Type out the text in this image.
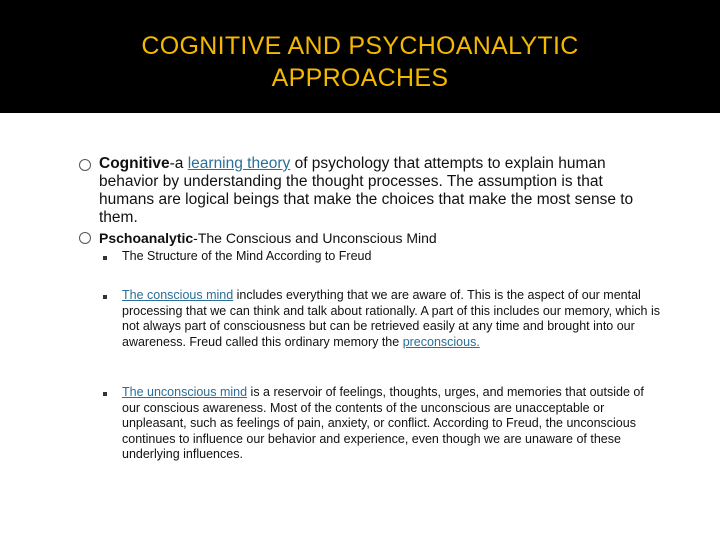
COGNITIVE AND PSYCHOANALYTIC
APPROACHES
Cognitive-a learning theory of psychology that attempts to explain human behavior by understanding the thought processes. The assumption is that humans are logical beings that make the choices that make the most sense to them.
Pschoanalytic-The Conscious and Unconscious Mind
The Structure of the Mind According to Freud
The conscious mind includes everything that we are aware of. This is the aspect of our mental processing that we can think and talk about rationally. A part of this includes our memory, which is not always part of consciousness but can be retrieved easily at any time and brought into our awareness. Freud called this ordinary memory the preconscious.
The unconscious mind is a reservoir of feelings, thoughts, urges, and memories that outside of our conscious awareness. Most of the contents of the unconscious are unacceptable or unpleasant, such as feelings of pain, anxiety, or conflict. According to Freud, the unconscious continues to influence our behavior and experience, even though we are unaware of these underlying influences.
